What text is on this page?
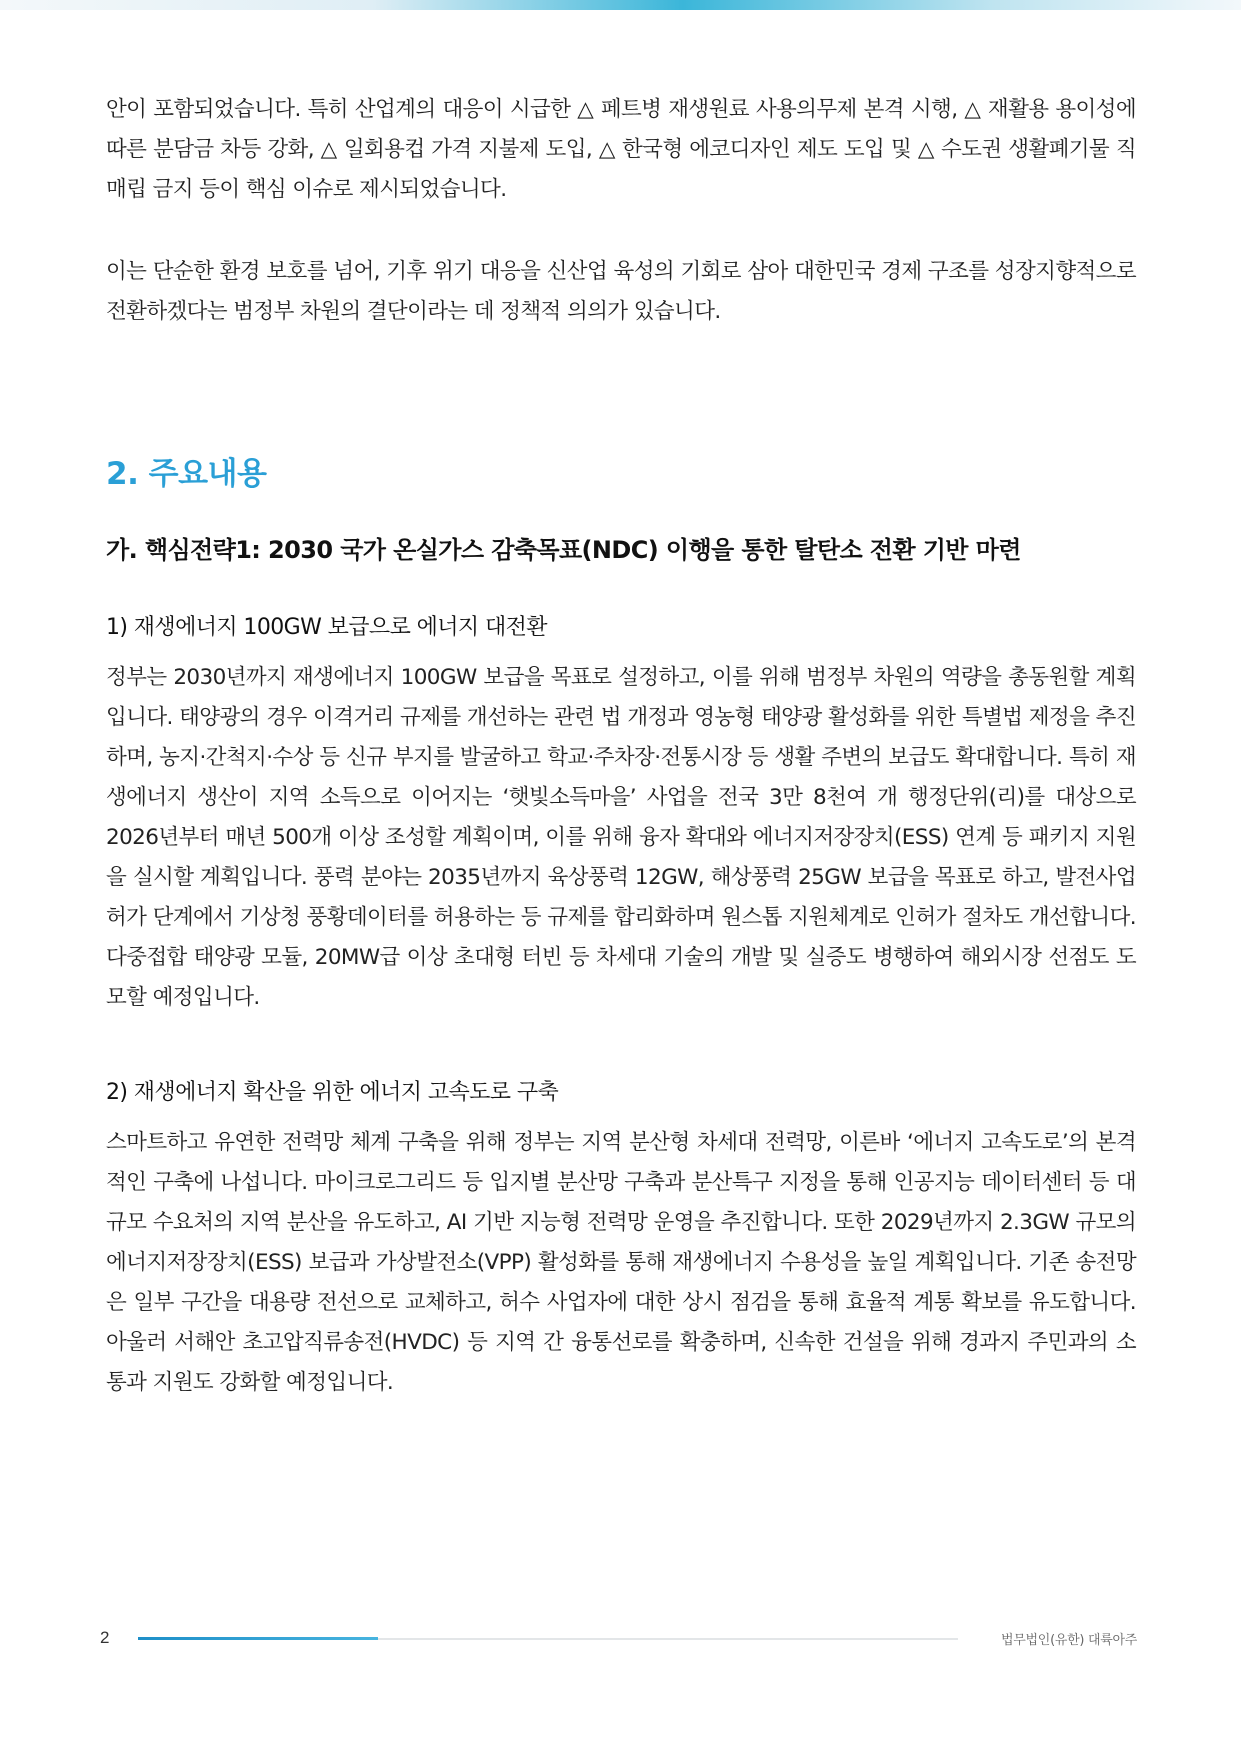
안이 포함되었습니다. 특히 산업계의 대응이 시급한 △ 페트병 재생원료 사용의무제 본격 시행, △ 재활용 용이성에 따른 분담금 차등 강화, △ 일회용컵 가격 지불제 도입, △ 한국형 에코디자인 제도 도입 및 △ 수도권 생활폐기물 직매립 금지 등이 핵심 이슈로 제시되었습니다.

이는 단순한 환경 보호를 넘어, 기후 위기 대응을 신산업 육성의 기회로 삼아 대한민국 경제 구조를 성장지향적으로 전환하겠다는 범정부 차원의 결단이라는 데 정책적 의의가 있습니다.

2. 주요내용
가. 핵심전략1: 2030 국가 온실가스 감축목표(NDC) 이행을 통한 탈탄소 전환 기반 마련
1) 재생에너지 100GW 보급으로 에너지 대전환

정부는 2030년까지 재생에너지 100GW 보급을 목표로 설정하고, 이를 위해 범정부 차원의 역량을 총동원할 계획입니다. 태양광의 경우 이격거리 규제를 개선하는 관련 법 개정과 영농형 태양광 활성화를 위한 특별법 제정을 추진하며, 농지·간척지·수상 등 신규 부지를 발굴하고 학교·주차장·전통시장 등 생활 주변의 보급도 확대합니다. 특히 재생에너지 생산이 지역 소득으로 이어지는 ‘햇빛소득마을’ 사업을 전국 3만 8천여 개 행정단위(리)를 대상으로 2026년부터 매년 500개 이상 조성할 계획이며, 이를 위해 융자 확대와 에너지저장장치(ESS) 연계 등 패키지 지원을 실시할 계획입니다. 풍력 분야는 2035년까지 육상풍력 12GW, 해상풍력 25GW 보급을 목표로 하고, 발전사업 허가 단계에서 기상청 풍황데이터를 허용하는 등 규제를 합리화하며 원스톱 지원체계로 인허가 절차도 개선합니다. 다중접합 태양광 모듈, 20MW급 이상 초대형 터빈 등 차세대 기술의 개발 및 실증도 병행하여 해외시장 선점도 도모할 예정입니다.

2) 재생에너지 확산을 위한 에너지 고속도로 구축

스마트하고 유연한 전력망 체계 구축을 위해 정부는 지역 분산형 차세대 전력망, 이른바 ‘에너지 고속도로’의 본격적인 구축에 나섭니다. 마이크로그리드 등 입지별 분산망 구축과 분산특구 지정을 통해 인공지능 데이터센터 등 대규모 수요처의 지역 분산을 유도하고, AI 기반 지능형 전력망 운영을 추진합니다. 또한 2029년까지 2.3GW 규모의 에너지저장장치(ESS) 보급과 가상발전소(VPP) 활성화를 통해 재생에너지 수용성을 높일 계획입니다. 기존 송전망은 일부 구간을 대용량 전선으로 교체하고, 허수 사업자에 대한 상시 점검을 통해 효율적 계통 확보를 유도합니다. 아울러 서해안 초고압직류송전(HVDC) 등 지역 간 융통선로를 확충하며, 신속한 건설을 위해 경과지 주민과의 소통과 지원도 강화할 예정입니다.

2	법무법인(유한) 대륙아주
